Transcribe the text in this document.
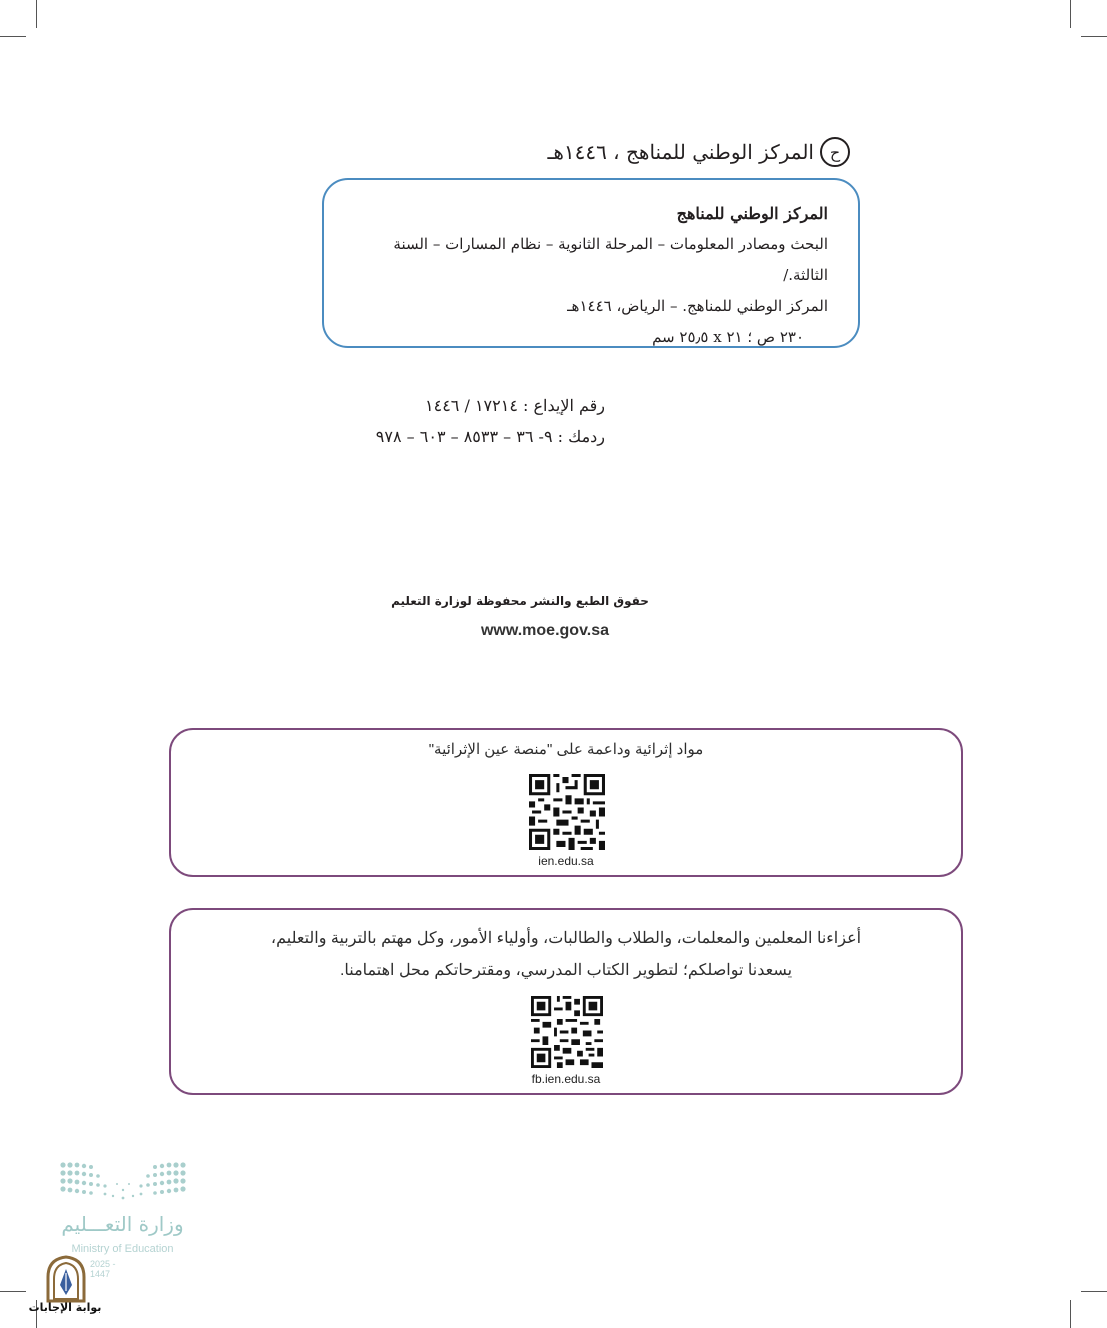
ح
المركز الوطني للمناهج ، ١٤٤٦هـ
المركز الوطني للمناهج
البحث ومصادر المعلومات – المرحلة الثانوية – نظام المسارات – السنة الثالثة./
المركز الوطني للمناهج. – الرياض، ١٤٤٦هـ
٢٣٠ ص ؛ ٢١ x ٢٥٫٥ سم
رقم الإيداع : ١٧٢١٤ / ١٤٤٦
ردمك : ٩- ٣٦ – ٨٥٣٣ – ٦٠٣ – ٩٧٨
حقوق الطبع والنشر محفوظة لوزارة التعليم
www.moe.gov.sa
مواد إثرائية وداعمة على "منصة عين الإثرائية"
ien.edu.sa
أعزاءنا المعلمين والمعلمات، والطلاب والطالبات، وأولياء الأمور، وكل مهتم بالتربية والتعليم،
يسعدنا تواصلكم؛ لتطوير الكتاب المدرسي، ومقترحاتكم محل اهتمامنا.
fb.ien.edu.sa
وزارة التعـــليم
Ministry of Education
2025 - 1447
بوابة الإجابات
